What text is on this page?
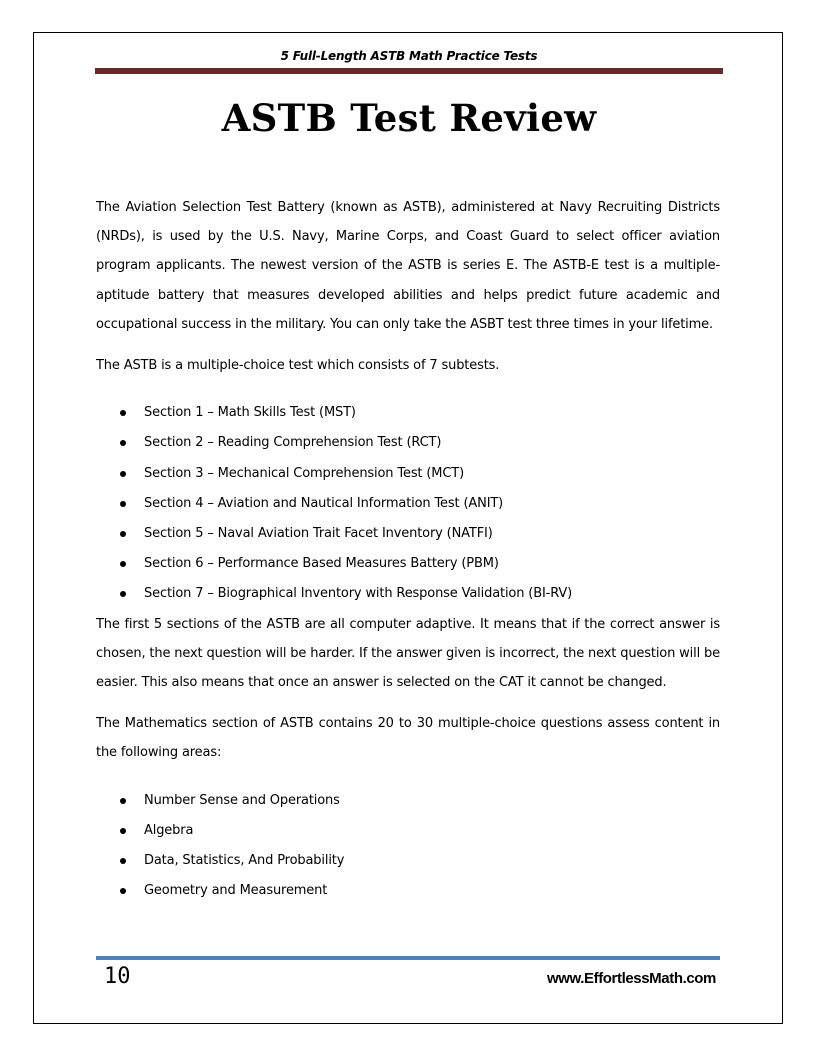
5 Full-Length ASTB Math Practice Tests
ASTB Test Review

The Aviation Selection Test Battery (known as ASTB), administered at Navy Recruiting Districts (NRDs), is used by the U.S. Navy, Marine Corps, and Coast Guard to select officer aviation program applicants. The newest version of the ASTB is series E. The ASTB-E test is a multiple-aptitude battery that measures developed abilities and helps predict future academic and occupational success in the military. You can only take the ASBT test three times in your lifetime.

The ASTB is a multiple-choice test which consists of 7 subtests.

Section 1 – Math Skills Test (MST)
Section 2 – Reading Comprehension Test (RCT)
Section 3 – Mechanical Comprehension Test (MCT)
Section 4 – Aviation and Nautical Information Test (ANIT)
Section 5 – Naval Aviation Trait Facet Inventory (NATFI)
Section 6 – Performance Based Measures Battery (PBM)
Section 7 – Biographical Inventory with Response Validation (BI-RV)

The first 5 sections of the ASTB are all computer adaptive. It means that if the correct answer is chosen, the next question will be harder. If the answer given is incorrect, the next question will be easier. This also means that once an answer is selected on the CAT it cannot be changed.

The Mathematics section of ASTB contains 20 to 30 multiple-choice questions assess content in the following areas:

Number Sense and Operations
Algebra
Data, Statistics, And Probability
Geometry and Measurement
10	www.EffortlessMath.com
